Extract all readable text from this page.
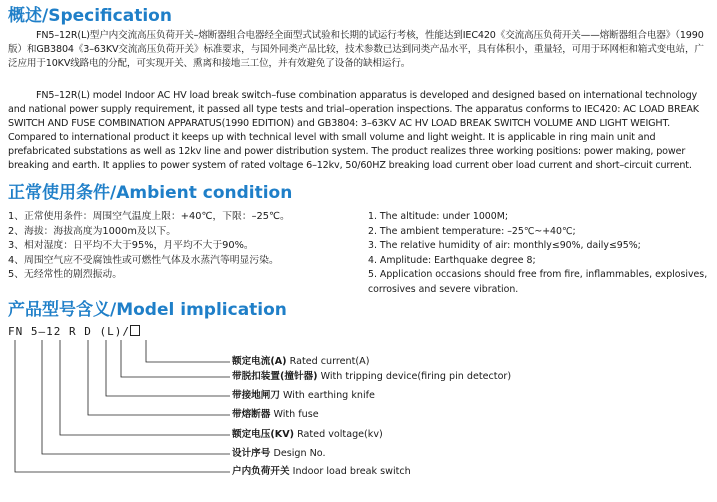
概述/Specification

FN5–12R(L)型户内交流高压负荷开关–熔断器组合电器经全面型式试验和长期的试运行考核，性能达到IEC420《交流高压负荷开关——熔断器组合电器》（1990版）和GB3804《3–63KV交流高压负荷开关》标准要求，与国外同类产品比较，技术参数已达到同类产品水平，具有体积小，重量轻，可用于环网柜和箱式变电站，广泛应用于10KV线路电的分配，可实现开关、熏离和接地三工位，并有效避免了设备的缺相运行。

FN5–12R(L) model Indoor AC HV load break switch–fuse combination apparatus is developed and designed based on international technology and national power supply requirement, it passed all type tests and trial–operation inspections. The apparatus conforms to IEC420: AC LOAD BREAK SWITCH AND FUSE COMBINATION APPARATUS(1990 EDITION) and GB3804: 3–63KV AC HV LOAD BREAK SWITCH VOLUME AND LIGHT WEIGHT. Compared to international product it keeps up with technical level with small volume and light weight. It is applicable in ring main unit and prefabricated substations as well as 12kv line and power distribution system. The product realizes three working positions: power making, power breaking and earth. It applies to power system of rated voltage 6–12kv, 50/60HZ breaking load current ober load current and short–circuit current.

正常使用条件/Ambient condition
1、正常使用条件：周围空气温度上限：+40℃，下限：–25℃。
2、海拔：海拔高度为1000m及以下。
3、相对湿度：日平均不大于95%，月平均不大于90%。
4、周围空气应不受腐蚀性或可燃性气体及水蒸汽等明显污染。
5、无经常性的剧烈振动。
1. The altitude: under 1000M;
2. The ambient temperature: –25℃~+40℃;
3. The relative humidity of air: monthly≤90%, daily≤95%;
4. Amplitude: Earthquake degree 8;
5. Application occasions should free from fire, inflammables, explosives,
corrosives and severe vibration.
产品型号含义/Model implication
FN 5–12 R D (L)/
额定电流(A) Rated current(A)
带脱扣装置(撞针器) With tripping device(firing pin detector)
带接地闸刀 With earthing knife
带熔断器 With fuse
额定电压(KV) Rated voltage(kv)
设计序号 Design No.
户内负荷开关 Indoor load break switch
